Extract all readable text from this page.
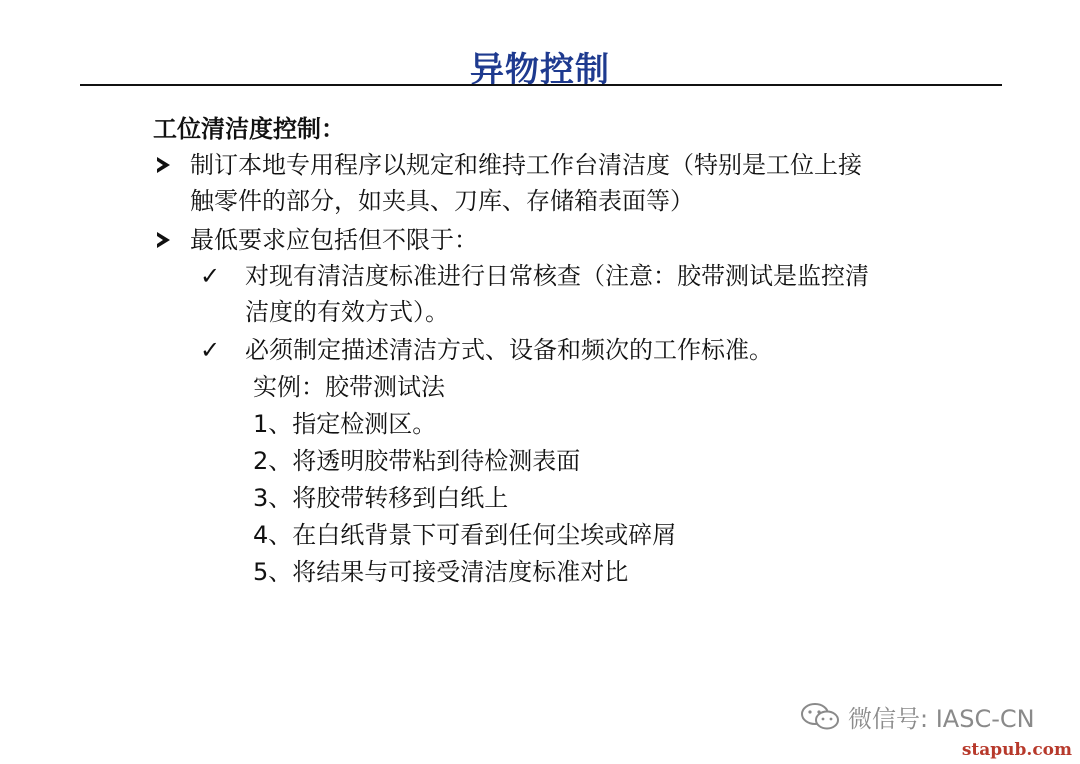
异物控制
工位清洁度控制：
制订本地专用程序以规定和维持工作台清洁度（特别是工位上接
触零件的部分，如夹具、刀库、存储箱表面等）
最低要求应包括但不限于：
✓ 对现有清洁度标准进行日常核查（注意：胶带测试是监控清
洁度的有效方式）。
✓ 必须制定描述清洁方式、设备和频次的工作标准。
实例：胶带测试法
1、指定检测区。
2、将透明胶带粘到待检测表面
3、将胶带转移到白纸上
4、在白纸背景下可看到任何尘埃或碎屑
5、将结果与可接受清洁度标准对比
微信号: IASC-CN
stapub.com
